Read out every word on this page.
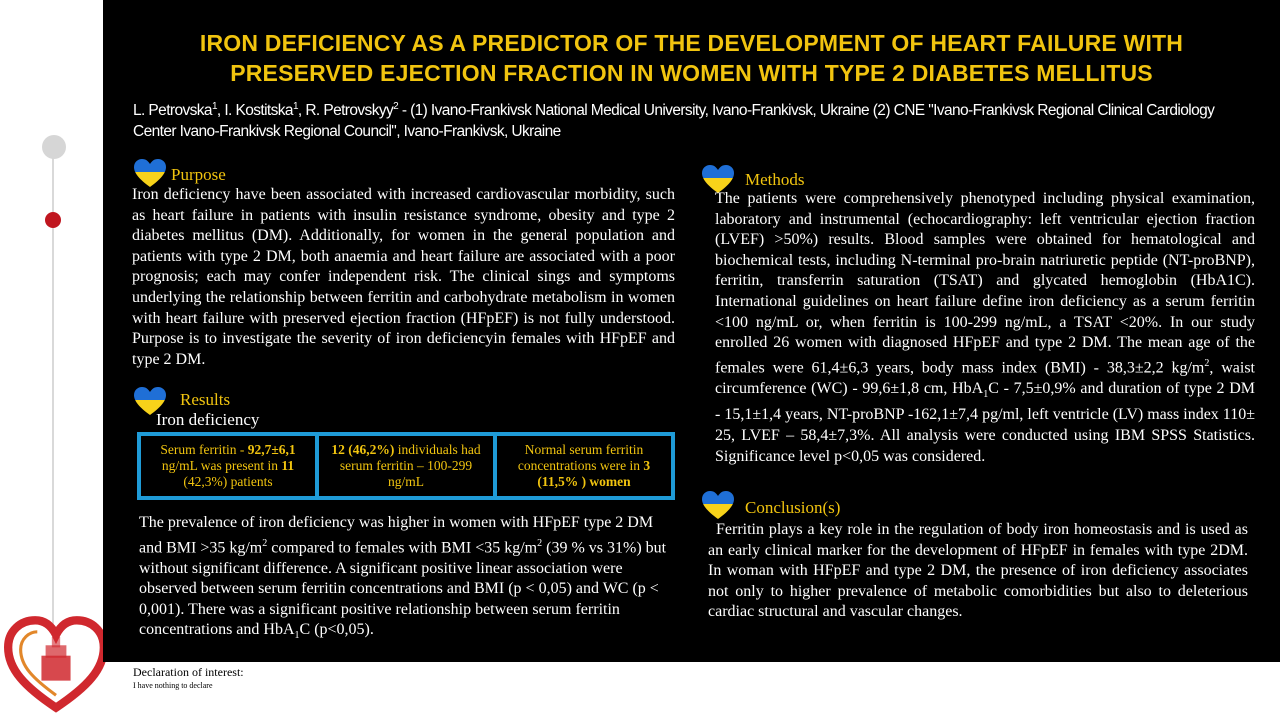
IRON DEFICIENCY AS A PREDICTOR OF THE DEVELOPMENT OF HEART FAILURE WITH
PRESERVED EJECTION FRACTION IN WOMEN WITH TYPE 2 DIABETES MELLITUS
L. Petrovska$^1$, I. Kostitska$^1$, R. Petrovskyy$^2$ - (1) Ivano-Frankivsk National Medical University, Ivano-Frankivsk, Ukraine (2) CNE "Ivano-Frankivsk Regional Clinical Cardiology Center Ivano-Frankivsk Regional Council", Ivano-Frankivsk, Ukraine
Purpose
Iron deficiency have been associated with increased cardiovascular morbidity, such as heart failure in patients with insulin resistance syndrome, obesity and type 2 diabetes mellitus (DM). Additionally, for women in the general population and patients with type 2 DM, both anaemia and heart failure are associated with a poor prognosis; each may confer independent risk. The clinical sings and symptoms underlying the relationship between ferritin and carbohydrate metabolism in women with heart failure with preserved ejection fraction (HFpEF) is not fully understood. Purpose is to investigate the severity of iron deficiencyin females with HFpEF and type 2 DM.
Results
Iron deficiency
Serum ferritin - 92,7±6,1 ng/mL was present in 11 (42,3%) patients
12 (46,2%) individuals had serum ferritin – 100-299 ng/mL
Normal serum ferritin concentrations were in 3 (11,5% ) women
The prevalence of iron deficiency was higher in women with HFpEF type 2 DM and BMI >35 $kg/m^2$ compared to females with BMI <35 $kg/m^2$ (39 % vs 31%) but without significant difference. A significant positive linear association were observed between serum ferritin concentrations and BMI (p < 0,05) and WC (p < 0,001). There was a significant positive relationship between serum ferritin concentrations and HbA$_1$C (p<0,05).
Methods
The patients were comprehensively phenotyped including physical examination, laboratory and instrumental (echocardiography: left ventricular ejection fraction (LVEF) >50%) results. Blood samples were obtained for hematological and biochemical tests, including N-terminal pro-brain natriuretic peptide (NT-proBNP), ferritin, transferrin saturation (TSAT) and glycated hemoglobin (HbA1C). International guidelines on heart failure define iron deficiency as a serum ferritin <100 ng/mL or, when ferritin is 100-299 ng/mL, a TSAT <20%. In our study enrolled 26 women with diagnosed HFpEF and type 2 DM. The mean age of the females were 61,4±6,3 years, body mass index (BMI) - 38,3±2,2 $kg/m^2$, waist circumference (WC) - 99,6±1,8 cm, HbA$_1$C - 7,5±0,9% and duration of type 2 DM - 15,1±1,4 years, NT-proBNP -162,1±7,4 pg/ml, left ventricle (LV) mass index 110± 25, LVEF – 58,4±7,3%. All analysis were conducted using IBM SPSS Statistics. Significance level p<0,05 was considered.
Conclusion(s)
Ferritin plays a key role in the regulation of body iron homeostasis and is used as an early clinical marker for the development of HFpEF in females with type 2DM. In woman with HFpEF and type 2 DM, the presence of iron deficiency associates not only to higher prevalence of metabolic comorbidities but also to deleterious cardiac structural and vascular changes.
Declaration of interest:
I have nothing to declare
